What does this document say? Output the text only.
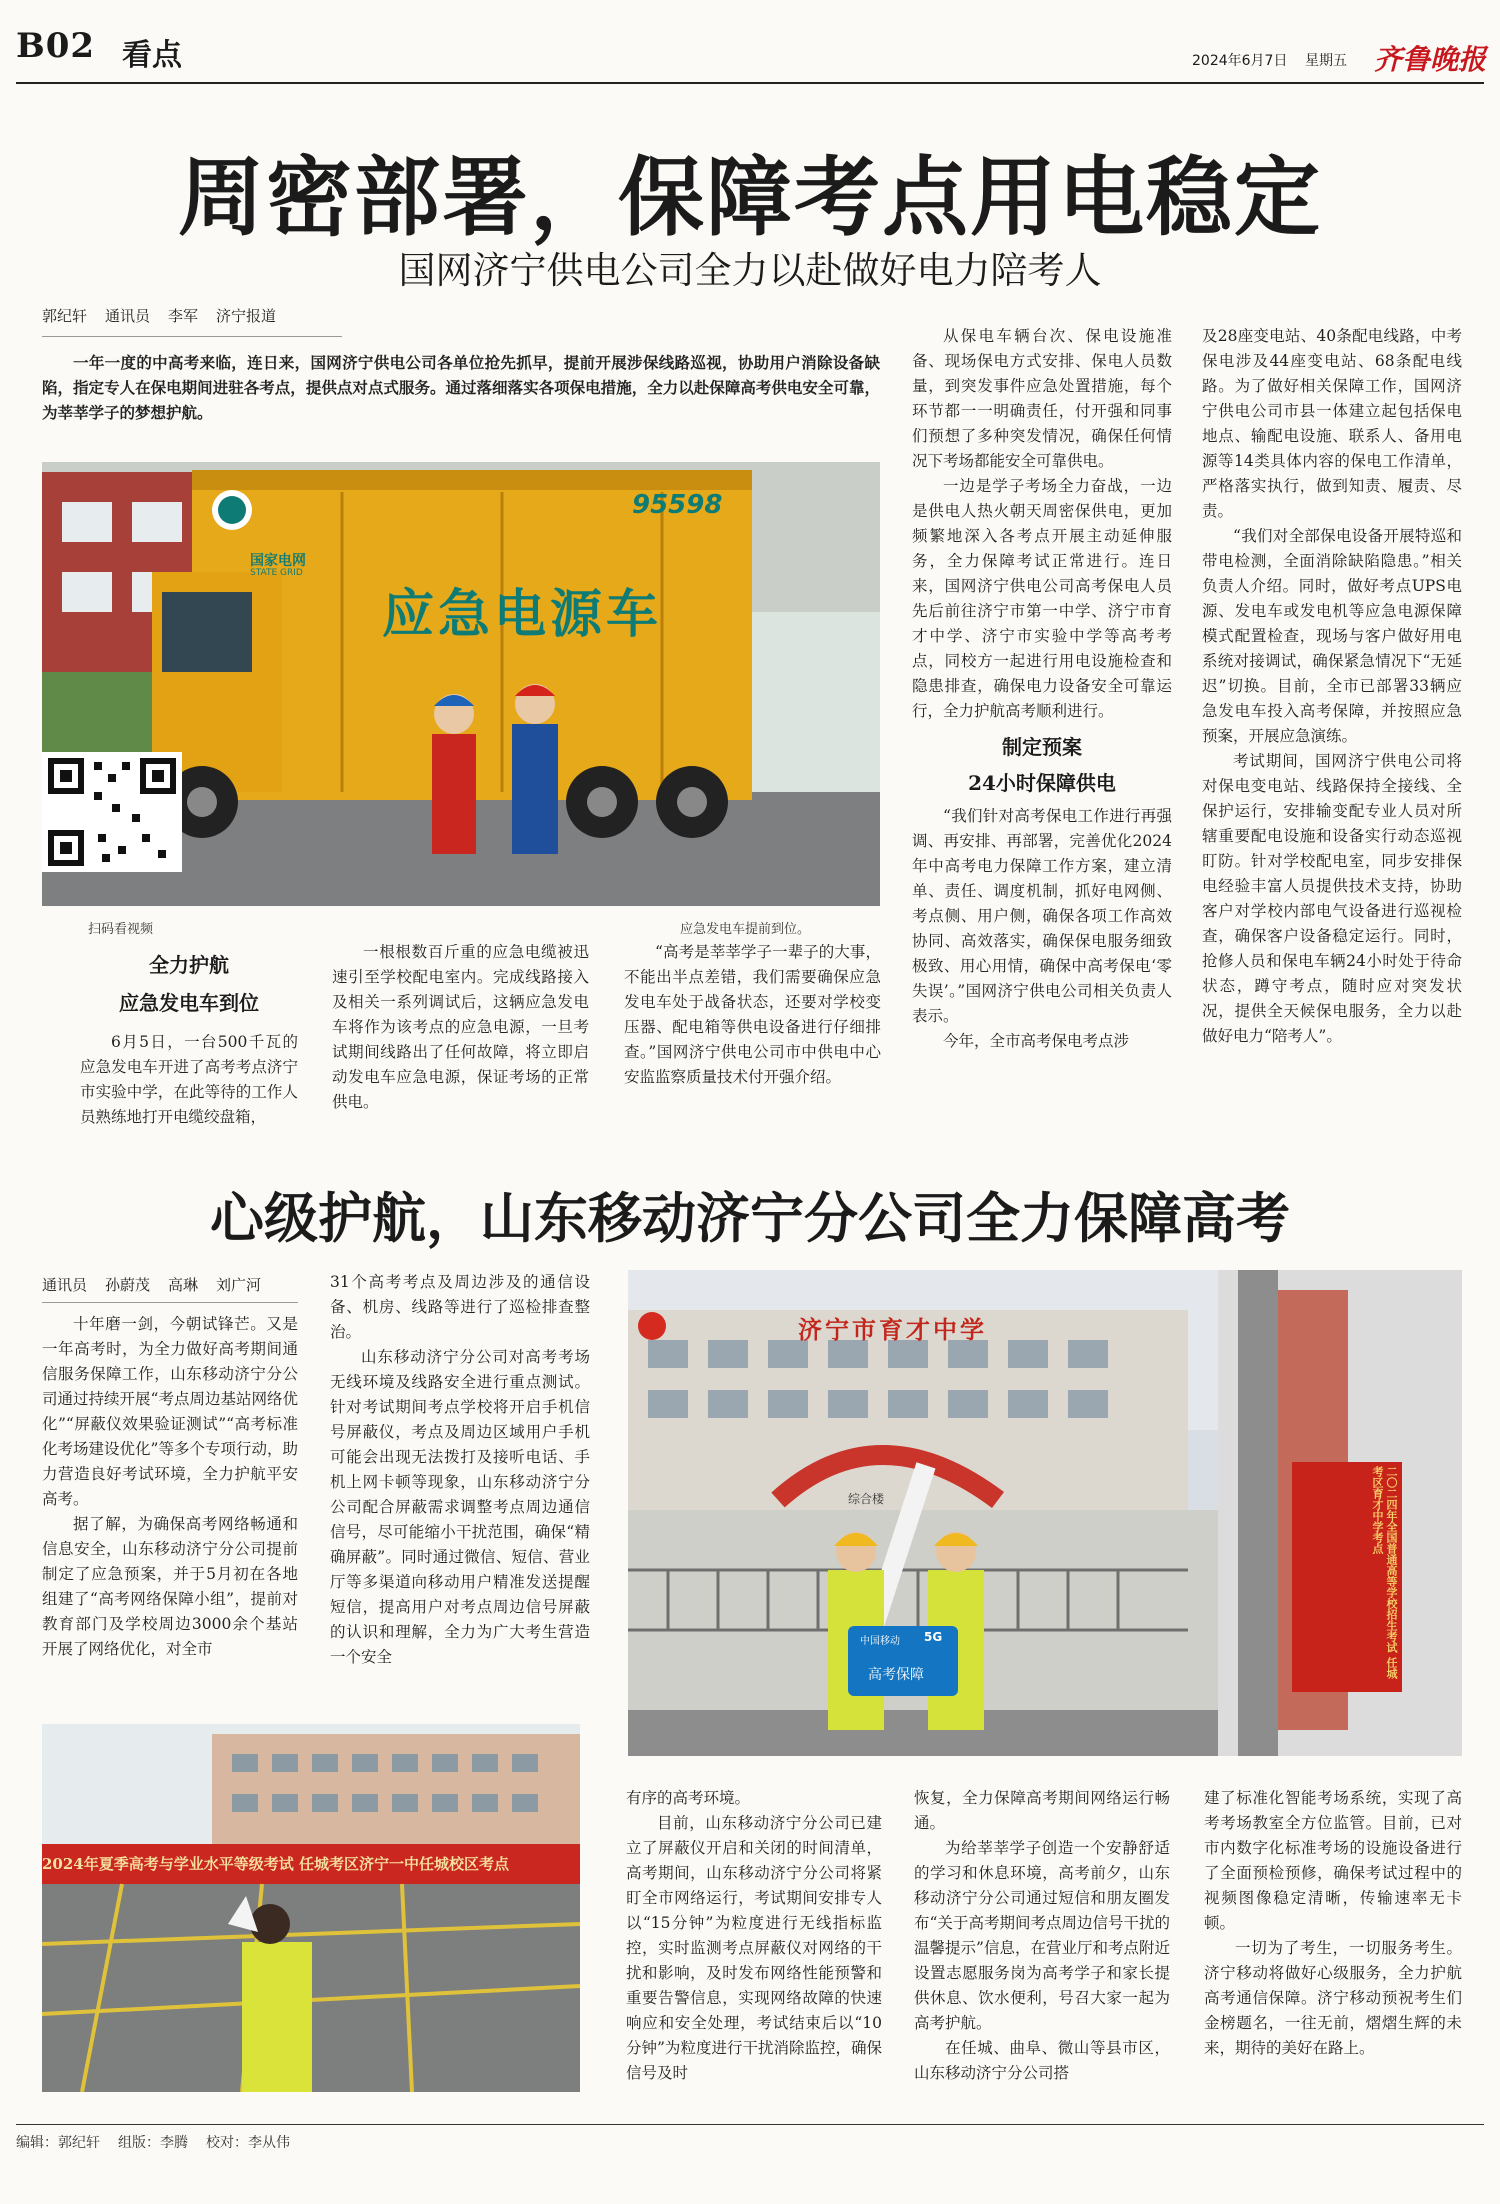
B02 看点	2024年6月7日 星期五 齐鲁晚报
周密部署，保障考点用电稳定
国网济宁供电公司全力以赴做好电力陪考人
郭纪轩 通讯员 李军 济宁报道
一年一度的中高考来临，连日来，国网济宁供电公司各单位抢先抓早，提前开展涉保线路巡视，协助用户消除设备缺陷，指定专人在保电期间进驻各考点，提供点对点式服务。通过落细落实各项保电措施，全力以赴保障高考供电安全可靠，为莘莘学子的梦想护航。
国家电网
STATE GRID
95598
应急电源车
扫码看视频	应急发电车提前到位。
全力护航
应急发电车到位
6月5日，一台500千瓦的应急发电车开进了高考考点济宁市实验中学，在此等待的工作人员熟练地打开电缆绞盘箱，
一根根数百斤重的应急电缆被迅速引至学校配电室内。完成线路接入及相关一系列调试后，这辆应急发电车将作为该考点的应急电源，一旦考试期间线路出了任何故障，将立即启动发电车应急电源，保证考场的正常供电。
“高考是莘莘学子一辈子的大事，不能出半点差错，我们需要确保应急发电车处于战备状态，还要对学校变压器、配电箱等供电设备进行仔细排查。”国网济宁供电公司市中供电中心安监监察质量技术付开强介绍。
从保电车辆台次、保电设施准备、现场保电方式安排、保电人员数量，到突发事件应急处置措施，每个环节都一一明确责任，付开强和同事们预想了多种突发情况，确保任何情况下考场都能安全可靠供电。
一边是学子考场全力奋战，一边是供电人热火朝天周密保供电，更加频繁地深入各考点开展主动延伸服务，全力保障考试正常进行。连日来，国网济宁供电公司高考保电人员先后前往济宁市第一中学、济宁市育才中学、济宁市实验中学等高考考点，同校方一起进行用电设施检查和隐患排查，确保电力设备安全可靠运行，全力护航高考顺利进行。
制定预案
24小时保障供电
“我们针对高考保电工作进行再强调、再安排、再部署，完善优化2024年中高考电力保障工作方案，建立清单、责任、调度机制，抓好电网侧、考点侧、用户侧，确保各项工作高效协同、高效落实，确保保电服务细致极致、用心用情，确保中高考保电‘零失误’。”国网济宁供电公司相关负责人表示。
今年，全市高考保电考点涉
及28座变电站、40条配电线路，中考保电涉及44座变电站、68条配电线路。为了做好相关保障工作，国网济宁供电公司市县一体建立起包括保电地点、输配电设施、联系人、备用电源等14类具体内容的保电工作清单，严格落实执行，做到知责、履责、尽责。
“我们对全部保电设备开展特巡和带电检测，全面消除缺陷隐患。”相关负责人介绍。同时，做好考点UPS电源、发电车或发电机等应急电源保障模式配置检查，现场与客户做好用电系统对接调试，确保紧急情况下“无延迟”切换。目前，全市已部署33辆应急发电车投入高考保障，并按照应急预案，开展应急演练。
考试期间，国网济宁供电公司将对保电变电站、线路保持全接线、全保护运行，安排输变配专业人员对所辖重要配电设施和设备实行动态巡视盯防。针对学校配电室，同步安排保电经验丰富人员提供技术支持，协助客户对学校内部电气设备进行巡视检查，确保客户设备稳定运行。同时，抢修人员和保电车辆24小时处于待命状态，蹲守考点，随时应对突发状况，提供全天候保电服务，全力以赴做好电力“陪考人”。
心级护航，山东移动济宁分公司全力保障高考
通讯员 孙蔚茂 高琳 刘广河
十年磨一剑，今朝试锋芒。又是一年高考时，为全力做好高考期间通信服务保障工作，山东移动济宁分公司通过持续开展“考点周边基站网络优化”“屏蔽仪效果验证测试”“高考标准化考场建设优化”等多个专项行动，助力营造良好考试环境，全力护航平安高考。
据了解，为确保高考网络畅通和信息安全，山东移动济宁分公司提前制定了应急预案，并于5月初在各地组建了“高考网络保障小组”，提前对教育部门及学校周边3000余个基站开展了网络优化，对全市
31个高考考点及周边涉及的通信设备、机房、线路等进行了巡检排查整治。
山东移动济宁分公司对高考考场无线环境及线路安全进行重点测试。针对考试期间考点学校将开启手机信号屏蔽仪，考点及周边区域用户手机可能会出现无法拨打及接听电话、手机上网卡顿等现象，山东移动济宁分公司配合屏蔽需求调整考点周边通信信号，尽可能缩小干扰范围，确保“精确屏蔽”。同时通过微信、短信、营业厅等多渠道向移动用户精准发送提醒短信，提高用户对考点周边信号屏蔽的认识和理解，全力为广大考生营造一个安全
济宁市育才中学
综合楼
中国移动 5G
高考保障	二〇二四年全国普通高等学校招生考试 任城考区育才中学考点
2024年夏季高考与学业水平等级考试 任城考区济宁一中任城校区考点
有序的高考环境。
目前，山东移动济宁分公司已建立了屏蔽仪开启和关闭的时间清单，高考期间，山东移动济宁分公司将紧盯全市网络运行，考试期间安排专人以“15分钟”为粒度进行无线指标监控，实时监测考点屏蔽仪对网络的干扰和影响，及时发布网络性能预警和重要告警信息，实现网络故障的快速响应和安全处理，考试结束后以“10分钟”为粒度进行干扰消除监控，确保信号及时
恢复，全力保障高考期间网络运行畅通。
为给莘莘学子创造一个安静舒适的学习和休息环境，高考前夕，山东移动济宁分公司通过短信和朋友圈发布“关于高考期间考点周边信号干扰的温馨提示”信息，在营业厅和考点附近设置志愿服务岗为高考学子和家长提供休息、饮水便利，号召大家一起为高考护航。
在任城、曲阜、微山等县市区，山东移动济宁分公司搭
建了标准化智能考场系统，实现了高考考场教室全方位监管。目前，已对市内数字化标准考场的设施设备进行了全面预检预修，确保考试过程中的视频图像稳定清晰，传输速率无卡顿。
一切为了考生，一切服务考生。济宁移动将做好心级服务，全力护航高考通信保障。济宁移动预祝考生们金榜题名，一往无前，熠熠生辉的未来，期待的美好在路上。
编辑：郭纪轩 组版：李腾 校对：李从伟
